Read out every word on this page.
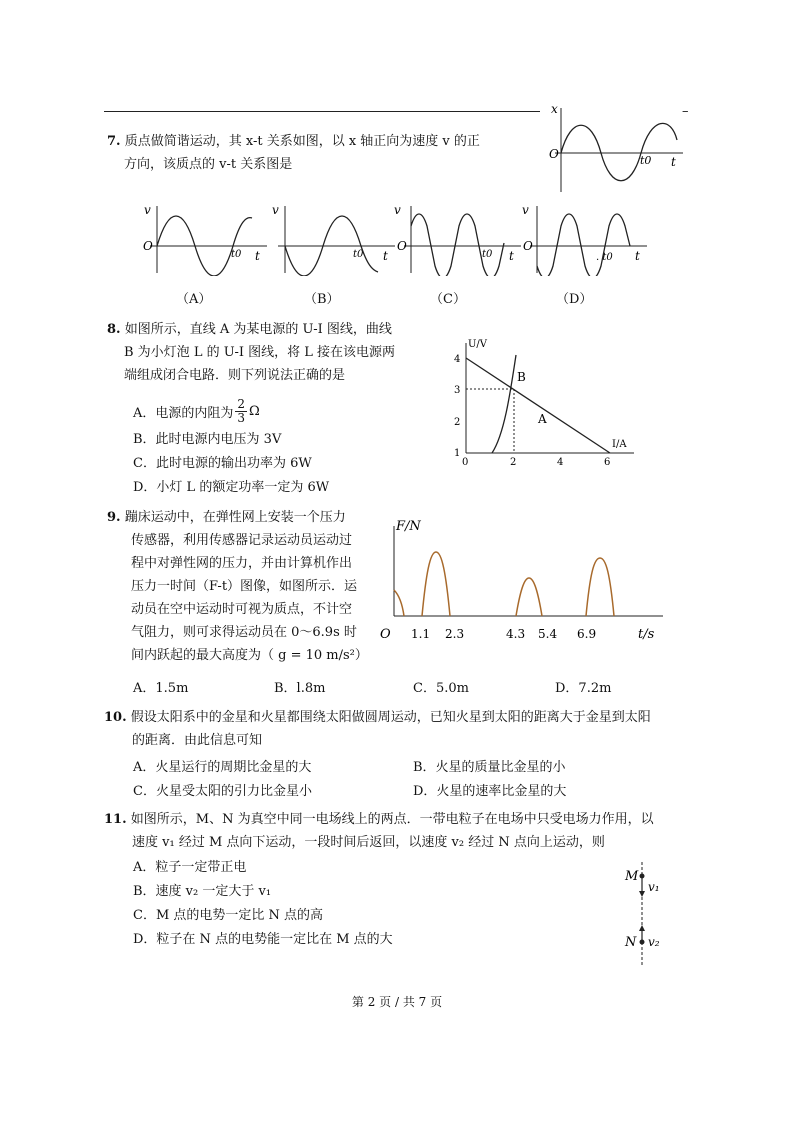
–
7. 质点做简谐运动，其 x-t 关系如图，以 x 轴正向为速度 v 的正
方向，该质点的 v-t 关系图是
x
O	t0 t
v
O
t0 t
v
t0 t
v
O
t0 t
v
O
. t0 t
（A）	（B）	（C）	（D）
8. 如图所示，直线 A 为某电源的 U-I 图线，曲线
B 为小灯泡 L 的 U-I 图线，将 L 接在该电源两
端组成闭合电路．则下列说法正确的是
A．电源的内阻为 $\frac{2}{3}$ Ω
B．此时电源内电压为 3V
C．此时电源的输出功率为 6W
D．小灯 L 的额定功率一定为 6W
U/V
I/A
4
3
2
1
0	2	4	6
B
A
9. 蹦床运动中，在弹性网上安装一个压力
传感器，利用传感器记录运动员运动过
程中对弹性网的压力，并由计算机作出
压力一时间（F-t）图像，如图所示．运
动员在空中运动时可视为质点，不计空
气阻力，则可求得运动员在 0～6.9s 时
间内跃起的最大高度为（ g = 10 m/s²）
F/N
O	t/s
1.1 2.3	4.3 5.4 6.9
A．1.5m	B．l.8m	C．5.0m	D．7.2m
10. 假设太阳系中的金星和火星都围绕太阳做圆周运动，已知火星到太阳的距离大于金星到太阳
的距离．由此信息可知
A．火星运行的周期比金星的大	B．火星的质量比金星的小
C．火星受太阳的引力比金星小	D．火星的速率比金星的大
11. 如图所示，M、N 为真空中同一电场线上的两点．一带电粒子在电场中只受电场力作用，以
速度 v₁ 经过 M 点向下运动，一段时间后返回，以速度 v₂ 经过 N 点向上运动，则
A．粒子一定带正电
B．速度 v₂ 一定大于 v₁
C．M 点的电势一定比 N 点的高
D．粒子在 N 点的电势能一定比在 M 点的大
M
N
v₁
v₂
第 2 页 / 共 7 页
